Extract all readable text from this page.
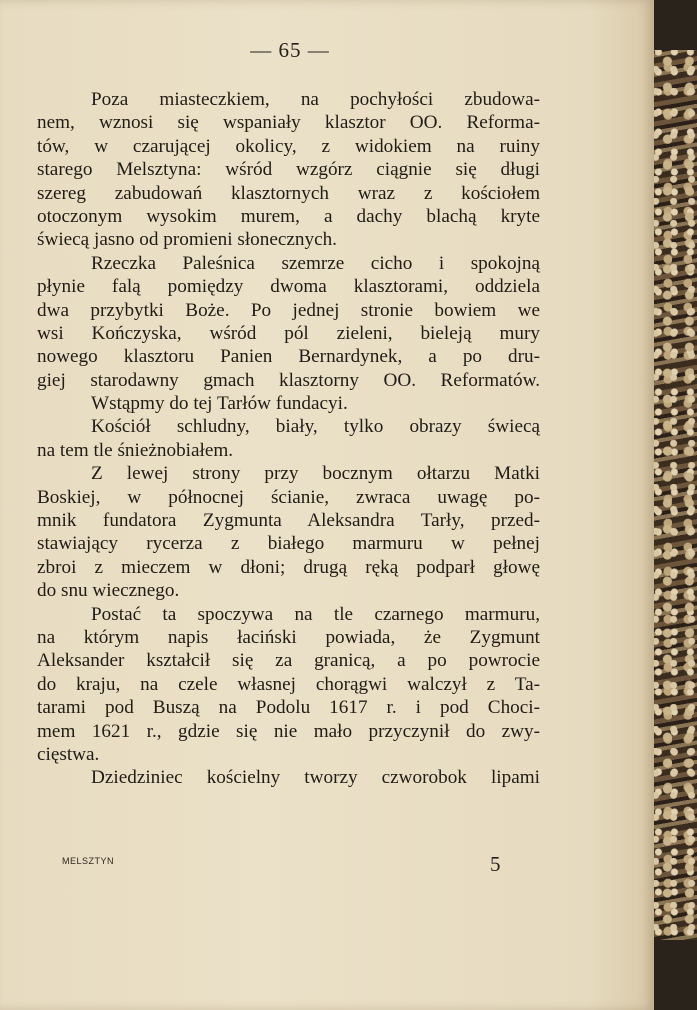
— 65 —
Poza miasteczkiem, na pochyłości zbudowa-
nem, wznosi się wspaniały klasztor OO. Reforma-
tów, w czarującej okolicy, z widokiem na ruiny
starego Melsztyna: wśród wzgórz ciągnie się długi
szereg zabudowań klasztornych wraz z kościołem
otoczonym wysokim murem, a dachy blachą kryte
świecą jasno od promieni słonecznych.
Rzeczka Paleśnica szemrze cicho i spokojną
płynie falą pomiędzy dwoma klasztorami, oddziela
dwa przybytki Boże. Po jednej stronie bowiem we
wsi Kończyska, wśród pól zieleni, bieleją mury
nowego klasztoru Panien Bernardynek, a po dru-
giej starodawny gmach klasztorny OO. Reformatów.
Wstąpmy do tej Tarłów fundacyi.
Kościół schludny, biały, tylko obrazy świecą
na tem tle śnieżnobiałem.
Z lewej strony przy bocznym ołtarzu Matki
Boskiej, w północnej ścianie, zwraca uwagę po-
mnik fundatora Zygmunta Aleksandra Tarły, przed-
stawiający rycerza z białego marmuru w pełnej
zbroi z mieczem w dłoni; drugą ręką podparł głowę
do snu wiecznego.
Postać ta spoczywa na tle czarnego marmuru,
na którym napis łaciński powiada, że Zygmunt
Aleksander kształcił się za granicą, a po powrocie
do kraju, na czele własnej chorągwi walczył z Ta-
tarami pod Buszą na Podolu 1617 r. i pod Choci-
mem 1621 r., gdzie się nie mało przyczynił do zwy-
cięstwa.
Dziedziniec kościelny tworzy czworobok lipami
MELSZTYN	5
